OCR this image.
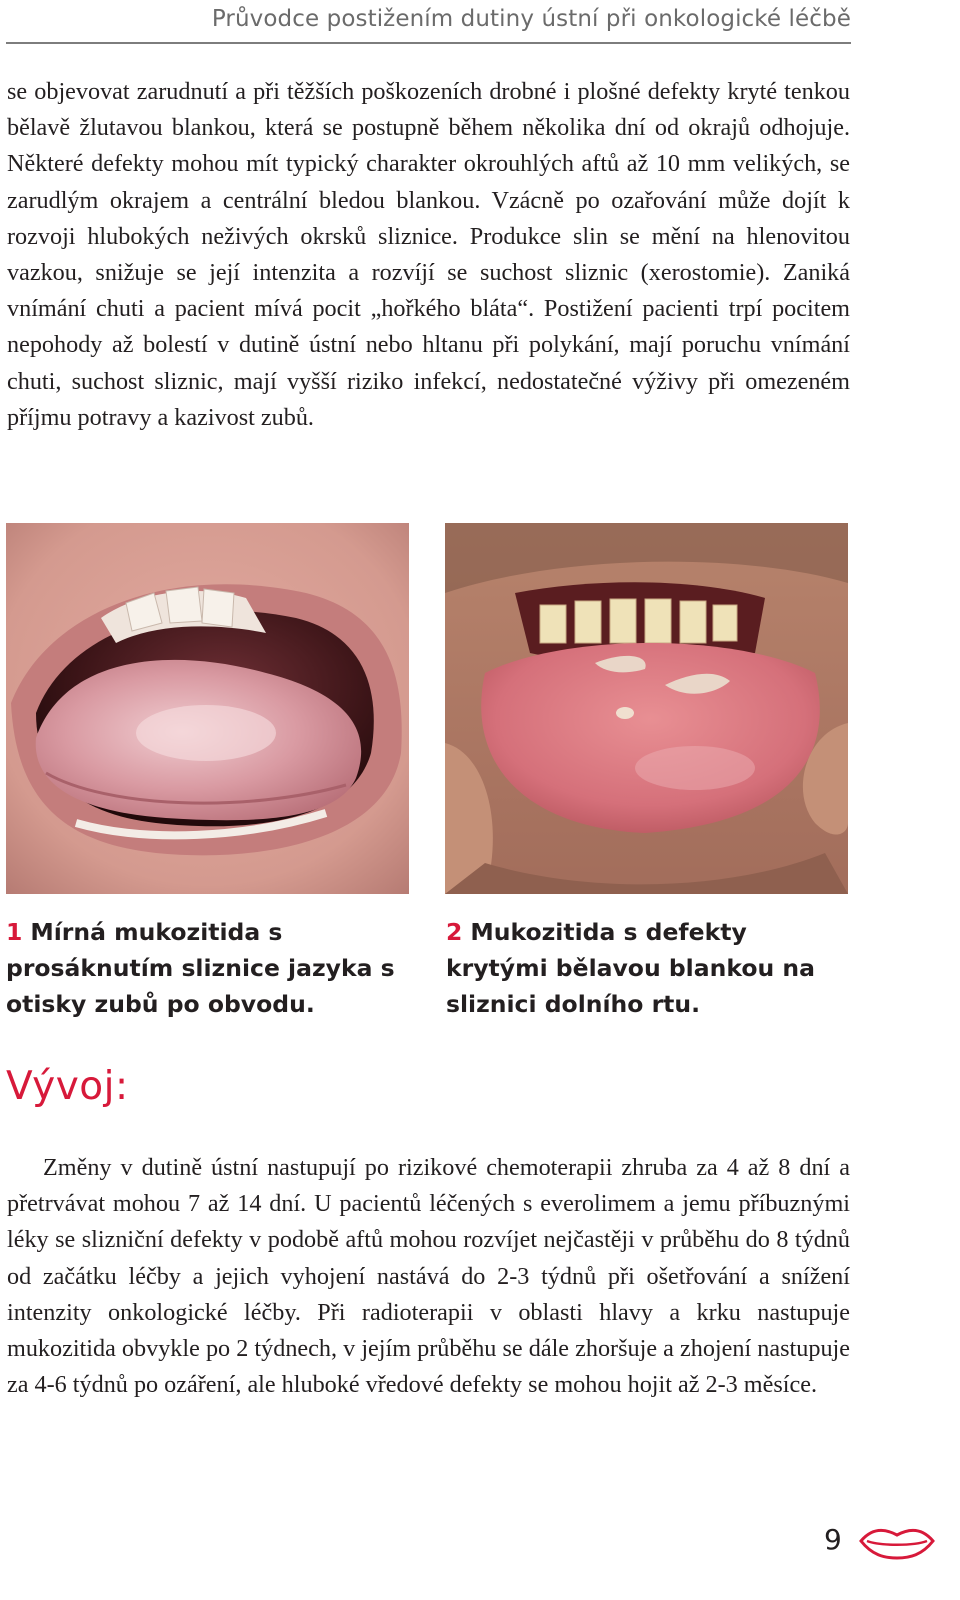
Průvodce postižením dutiny ústní při onkologické léčbě

se objevovat zarudnutí a při těžších poškozeních drobné i plošné defekty kryté tenkou bělavě žlutavou blankou, která se postupně během několika dní od okrajů odhojuje. Některé defekty mohou mít typický charakter okrouhlých aftů až 10 mm velikých, se zarudlým okrajem a centrální bledou blankou. Vzácně po ozařování může dojít k rozvoji hlubokých neživých okrsků sliznice. Produkce slin se mění na hlenovitou vazkou, snižuje se její intenzita a rozvíjí se suchost sliznic (xerostomie). Zaniká vnímání chuti a pacient mívá pocit „hořkého bláta“. Postižení pacienti trpí pocitem nepohody až bolestí v dutině ústní nebo hltanu při polykání, mají poruchu vnímání chuti, suchost sliznic, mají vyšší riziko infekcí, nedostatečné výživy při omezeném příjmu potravy a kazivost zubů.

1 Mírná mukozitida s prosáknutím sliznice jazyka s otisky zubů po obvodu.

2 Mukozitida s defekty krytými bělavou blankou na sliznici dolního rtu.

Vývoj:

Změny v dutině ústní nastupují po rizikové chemoterapii zhruba za 4 až 8 dní a přetrvávat mohou 7 až 14 dní. U pacientů léčených s everolimem a jemu příbuznými léky se slizniční defekty v podobě aftů mohou rozvíjet nejčastěji v průběhu do 8 týdnů od začátku léčby a jejich vyhojení nastává do 2-3 týdnů při ošetřování a snížení intenzity onkologické léčby. Při radioterapii v oblasti hlavy a krku nastupuje mukozitida obvykle po 2 týdnech, v jejím průběhu se dále zhoršuje a zhojení nastupuje za 4-6 týdnů po ozáření, ale hluboké vředové defekty se mohou hojit až 2-3 měsíce.

9
